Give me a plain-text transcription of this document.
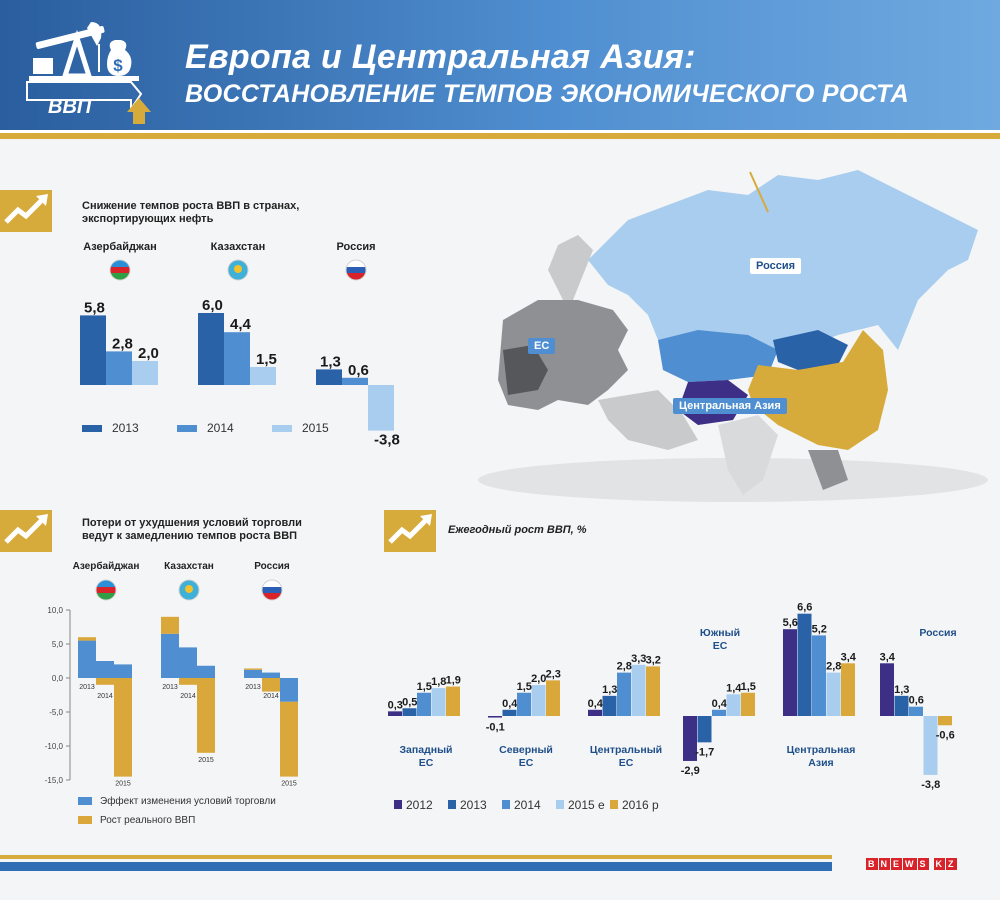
$
ВВП
Европа и Центральная Азия:
ВОССТАНОВЛЕНИЕ ТЕМПОВ ЭКОНОМИЧЕСКОГО РОСТА
Снижение темпов роста ВВП в странах,
экспортирующих нефть
Потери от ухудшения условий торговли
ведут к замедлению темпов роста ВВП	Ежегодный рост ВВП, %
Россия
ЕС
Центральная Азия
Азербайджан
5,8
2,8
2,0
Казахстан
6,0
4,4
1,5
Россия
1,3 0,6
-3,8
2013	2014	2015
10,0
5,0
0,0
-5,0
-10,0
-15,0
Азербайджан
2013
2014
2015
Казахстан
2013
2014
2015
Россия
2013
2014
2015
Эффект изменения условий торговли
Рост реального ВВП
0,3 0,5
1,5 1,8 1,9
Западный
ЕС
-0,1
0,4
1,5
2,0 2,3
Северный
ЕС
0,4
1,3
2,8
3,3 3,2
Центральный
ЕС
-2,9
-1,7
0,4
1,4 1,5
Южный
ЕС
5,6
6,6
5,2
2,8
3,4
Центральная
Азия
3,4
1,3
0,6
-3,8
-0,6
Россия
2012 2013 2014 2015 e 2016 p
B N E W S K Z
